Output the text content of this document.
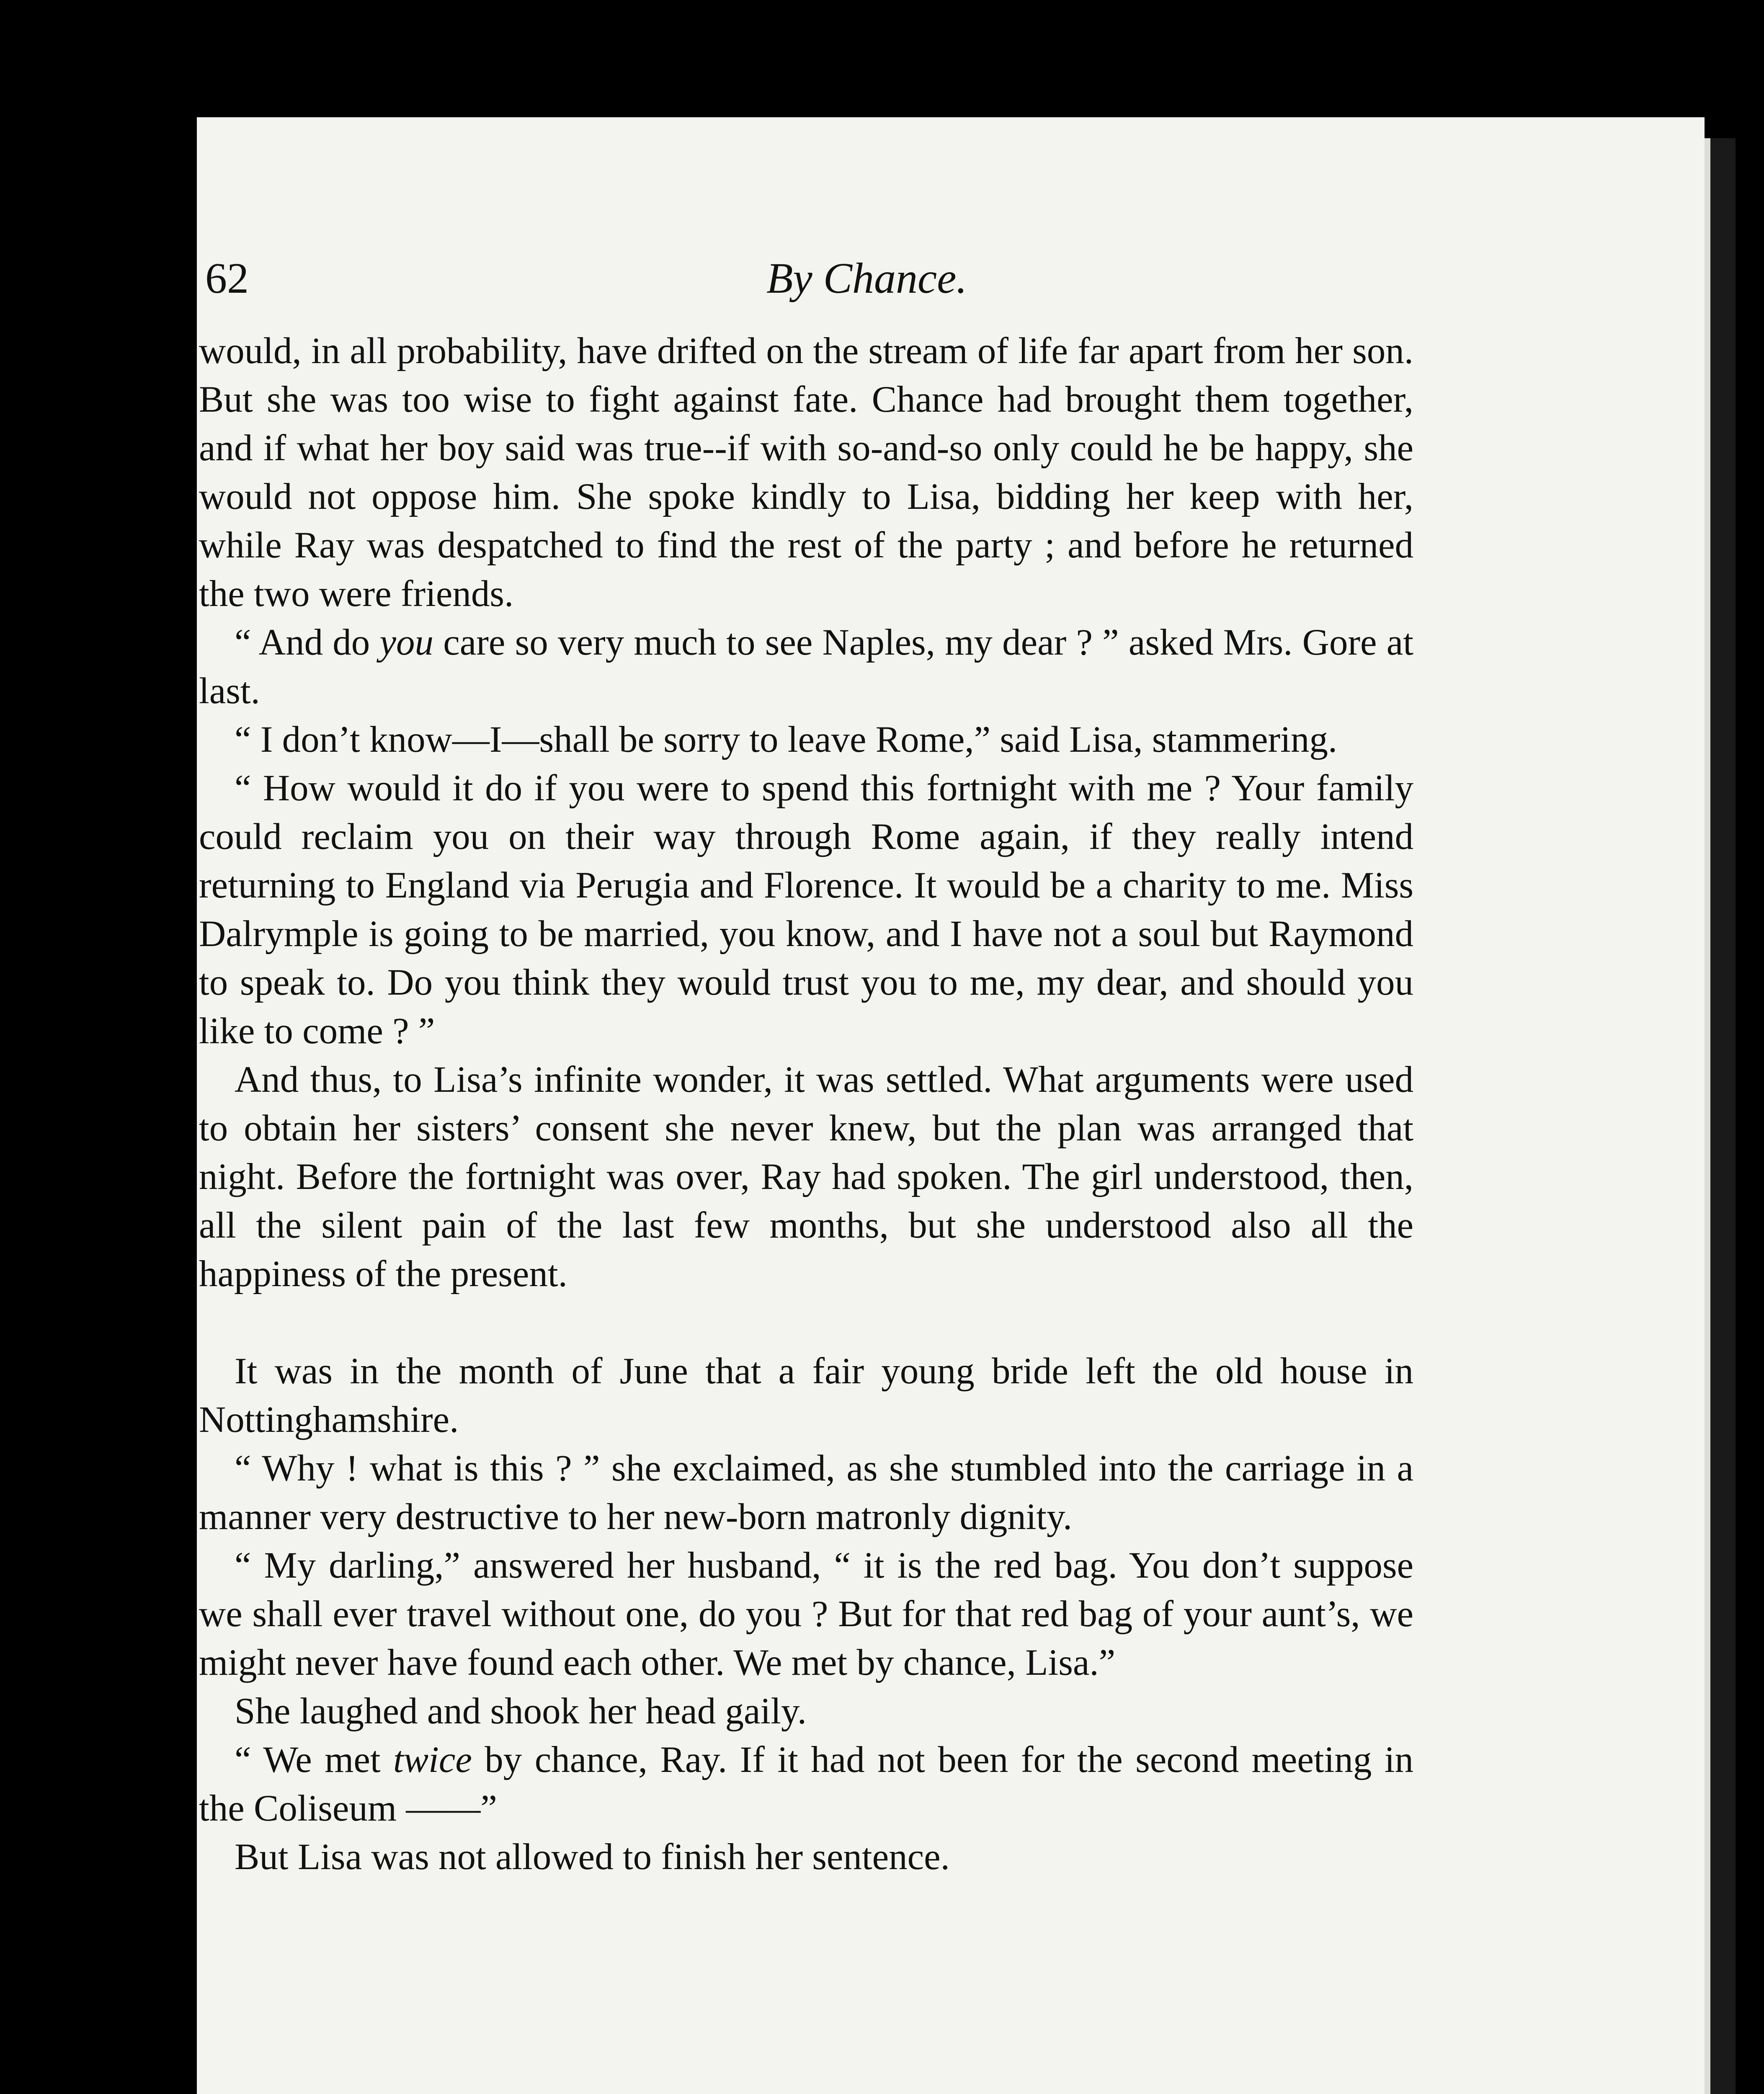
62	By Chance.

would, in all probability, have drifted on the stream of life far apart from her son. But she was too wise to fight against fate. Chance had brought them together, and if what her boy said was true--if with so-and-so only could he be happy, she would not oppose him. She spoke kindly to Lisa, bidding her keep with her, while Ray was despatched to find the rest of the party ; and before he returned the two were friends.

“ And do you care so very much to see Naples, my dear ? ” asked Mrs. Gore at last.

“ I don’t know—I—shall be sorry to leave Rome,” said Lisa, stammering.

“ How would it do if you were to spend this fortnight with me ? Your family could reclaim you on their way through Rome again, if they really intend returning to England via Perugia and Florence. It would be a charity to me. Miss Dalrymple is going to be married, you know, and I have not a soul but Raymond to speak to. Do you think they would trust you to me, my dear, and should you like to come ? ”

And thus, to Lisa’s infinite wonder, it was settled. What arguments were used to obtain her sisters’ consent she never knew, but the plan was arranged that night. Before the fortnight was over, Ray had spoken. The girl understood, then, all the silent pain of the last few months, but she understood also all the happiness of the present.

It was in the month of June that a fair young bride left the old house in Nottinghamshire.

“ Why ! what is this ? ” she exclaimed, as she stumbled into the carriage in a manner very destructive to her new-born matronly dignity.

“ My darling,” answered her husband, “ it is the red bag. You don’t suppose we shall ever travel without one, do you ? But for that red bag of your aunt’s, we might never have found each other. We met by chance, Lisa.”

She laughed and shook her head gaily.

“ We met twice by chance, Ray. If it had not been for the second meeting in the Coliseum ——”

But Lisa was not allowed to finish her sentence.
